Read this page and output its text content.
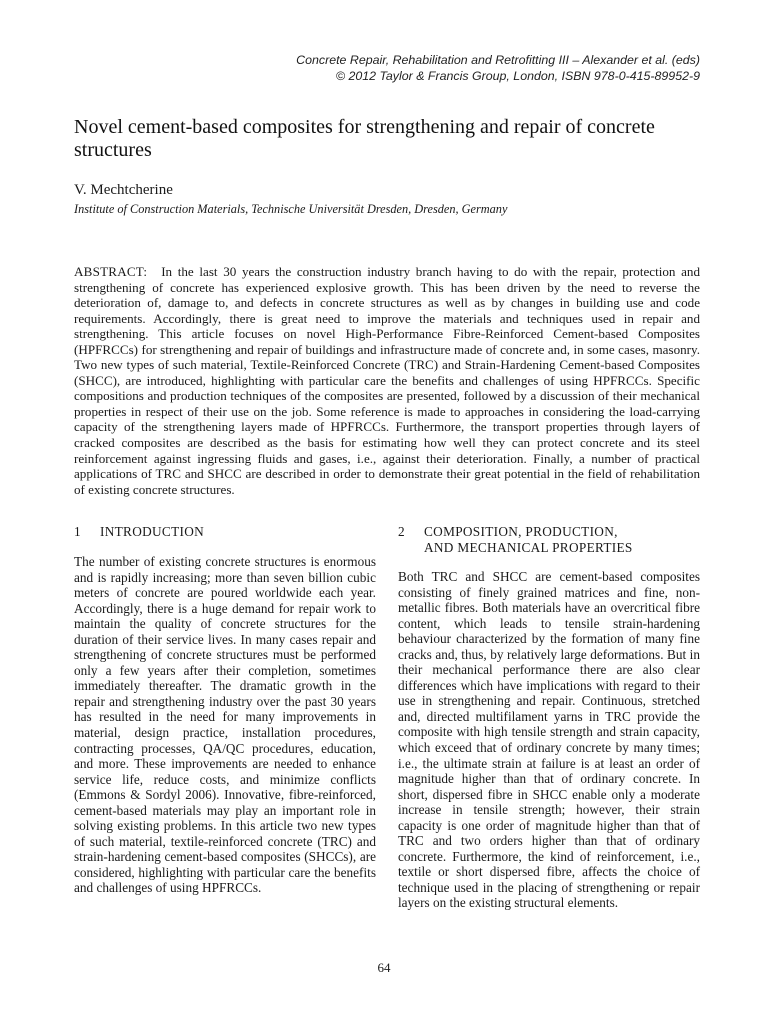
Concrete Repair, Rehabilitation and Retrofitting III – Alexander et al. (eds)
© 2012 Taylor & Francis Group, London, ISBN 978-0-415-89952-9
Novel cement-based composites for strengthening and repair of concrete structures
V. Mechtcherine
Institute of Construction Materials, Technische Universität Dresden, Dresden, Germany
ABSTRACT: In the last 30 years the construction industry branch having to do with the repair, protection and strengthening of concrete has experienced explosive growth. This has been driven by the need to reverse the deterioration of, damage to, and defects in concrete structures as well as by changes in building use and code requirements. Accordingly, there is great need to improve the materials and techniques used in repair and strengthening. This article focuses on novel High-Performance Fibre-Reinforced Cement-based Composites (HPFRCCs) for strengthening and repair of buildings and infrastructure made of concrete and, in some cases, masonry. Two new types of such material, Textile-Reinforced Concrete (TRC) and Strain-Hardening Cement-based Composites (SHCC), are introduced, highlighting with particular care the benefits and challenges of using HPFRCCs. Specific compositions and production techniques of the composites are presented, followed by a discussion of their mechanical properties in respect of their use on the job. Some reference is made to approaches in considering the load-carrying capacity of the strengthening layers made of HPFRCCs. Furthermore, the transport properties through layers of cracked composites are described as the basis for estimating how well they can protect concrete and its steel reinforcement against ingressing fluids and gases, i.e., against their deterioration. Finally, a number of practical applications of TRC and SHCC are described in order to demonstrate their great potential in the field of rehabilitation of existing concrete structures.
1 INTRODUCTION
The number of existing concrete structures is enormous and is rapidly increasing; more than seven billion cubic meters of concrete are poured worldwide each year. Accordingly, there is a huge demand for repair work to maintain the quality of concrete structures for the duration of their service lives. In many cases repair and strengthening of concrete structures must be performed only a few years after their completion, sometimes immediately thereafter. The dramatic growth in the repair and strengthening industry over the past 30 years has resulted in the need for many improvements in material, design practice, installation procedures, contracting processes, QA/QC procedures, education, and more. These improvements are needed to enhance service life, reduce costs, and minimize conflicts (Emmons & Sordyl 2006). Innovative, fibre-reinforced, cement-based materials may play an important role in solving existing problems. In this article two new types of such material, textile-reinforced concrete (TRC) and strain-hardening cement-based composites (SHCCs), are considered, highlighting with particular care the benefits and challenges of using HPFRCCs.
2 COMPOSITION, PRODUCTION,
AND MECHANICAL PROPERTIES
Both TRC and SHCC are cement-based composites consisting of finely grained matrices and fine, non-metallic fibres. Both materials have an overcritical fibre content, which leads to tensile strain-hardening behaviour characterized by the formation of many fine cracks and, thus, by relatively large deformations. But in their mechanical performance there are also clear differences which have implications with regard to their use in strengthening and repair. Continuous, stretched and, directed multifilament yarns in TRC provide the composite with high tensile strength and strain capacity, which exceed that of ordinary concrete by many times; i.e., the ultimate strain at failure is at least an order of magnitude higher than that of ordinary concrete. In short, dispersed fibre in SHCC enable only a moderate increase in tensile strength; however, their strain capacity is one order of magnitude higher than that of TRC and two orders higher than that of ordinary concrete. Furthermore, the kind of reinforcement, i.e., textile or short dispersed fibre, affects the choice of technique used in the placing of strengthening or repair layers on the existing structural elements.
64
